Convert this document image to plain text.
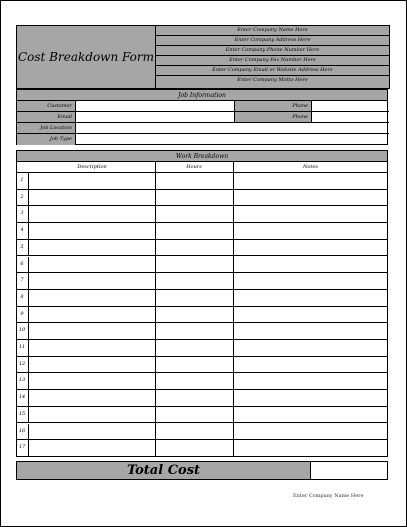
Cost Breakdown Form
Enter Company Name Here
Enter Company Address Here
Enter Company Phone Number Here
Enter Company Fax Number Here
Enter Company Email or Website Address Here
Enter Company Motto Here
Job Information
Customer	Phone
Email	Phone
Job Location
Job Type
Work Breakdown
Description	Hours	Notes
1
2
3
4
5
6
7
8
9
10
11
12
13
14
15
16
17
Total Cost
Enter Company Name Here
